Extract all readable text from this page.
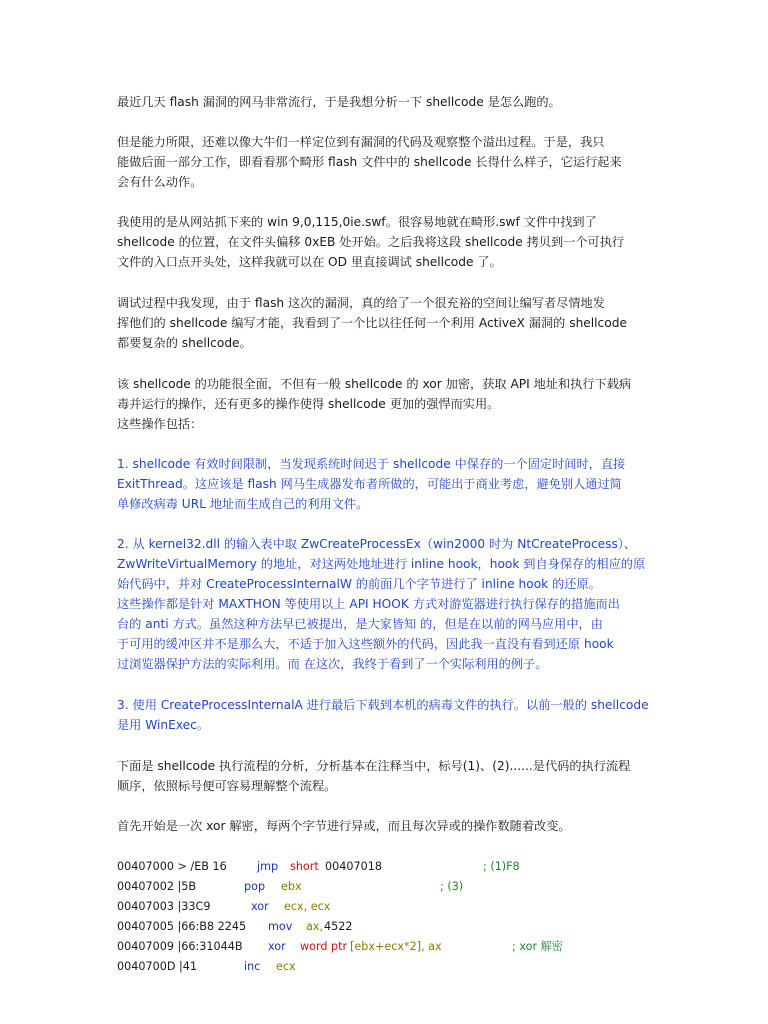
最近几天 flash 漏洞的网马非常流行，于是我想分析一下 shellcode 是怎么跑的。

但是能力所限，还难以像大牛们一样定位到有漏洞的代码及观察整个溢出过程。于是，我只
能做后面一部分工作，即看看那个畸形 flash 文件中的 shellcode 长得什么样子，它运行起来
会有什么动作。

我使用的是从网站抓下来的 win 9,0,115,0ie.swf。很容易地就在畸形.swf 文件中找到了
shellcode 的位置，在文件头偏移 0xEB 处开始。之后我将这段 shellcode 拷贝到一个可执行
文件的入口点开头处，这样我就可以在 OD 里直接调试 shellcode 了。

调试过程中我发现，由于 flash 这次的漏洞，真的给了一个很充裕的空间让编写者尽情地发
挥他们的 shellcode 编写才能，我看到了一个比以往任何一个利用 ActiveX 漏洞的 shellcode
都要复杂的 shellcode。

该 shellcode 的功能很全面，不但有一般 shellcode 的 xor 加密，获取 API 地址和执行下载病
毒并运行的操作，还有更多的操作使得 shellcode 更加的强悍而实用。
这些操作包括：

1. shellcode 有效时间限制，当发现系统时间迟于 shellcode 中保存的一个固定时间时，直接
ExitThread。这应该是 flash 网马生成器发布者所做的，可能出于商业考虑，避免别人通过简
单修改病毒 URL 地址而生成自己的利用文件。

2. 从 kernel32.dll 的输入表中取 ZwCreateProcessEx（win2000 时为 NtCreateProcess）、
ZwWriteVirtualMemory 的地址，对这两处地址进行 inline hook，hook 到自身保存的相应的原
始代码中，并对 CreateProcessInternalW 的前面几个字节进行了 inline hook 的还原。
这些操作都是针对 MAXTHON 等使用以上 API HOOK 方式对游览器进行执行保存的措施而出
台的 anti 方式。虽然这种方法早已被提出，是大家皆知 的，但是在以前的网马应用中，由
于可用的缓冲区并不是那么大，不适于加入这些额外的代码，因此我一直没有看到还原 hook
过浏览器保护方法的实际利用。而 在这次，我终于看到了一个实际利用的例子。

3. 使用 CreateProcessInternalA 进行最后下载到本机的病毒文件的执行。以前一般的 shellcode
是用 WinExec。

下面是 shellcode 执行流程的分析，分析基本在注释当中，标号(1)、(2)......是代码的执行流程
顺序，依照标号便可容易理解整个流程。

首先开始是一次 xor 解密，每两个字节进行异或，而且每次异或的操作数随着改变。

00407000 > /EB 16	jmp short 00407018	; (1)F8
00407002 |5B	pop ebx	; (3)
00407003 |33C9	xor ecx, ecx
00407005 |66:B8 2245 mov ax, 4522
00407009 |66:31044B xor word ptr [ebx+ecx*2], ax	; xor 解密
0040700D |41	inc ecx
